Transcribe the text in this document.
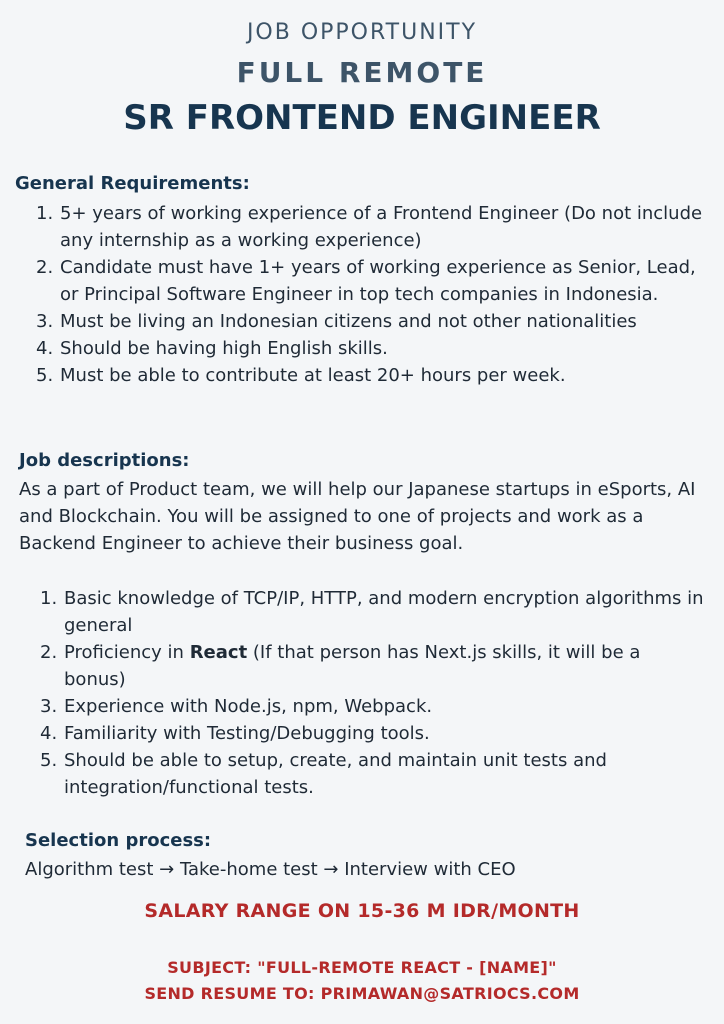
JOB OPPORTUNITY
FULL REMOTE
SR FRONTEND ENGINEER
General Requirements:
1. 5+ years of working experience of a Frontend Engineer (Do not include any internship as a working experience)
2. Candidate must have 1+ years of working experience as Senior, Lead, or Principal Software Engineer in top tech companies in Indonesia.
3. Must be living an Indonesian citizens and not other nationalities
4. Should be having high English skills.
5. Must be able to contribute at least 20+ hours per week.
Job descriptions:

As a part of Product team, we will help our Japanese startups in eSports, AI and Blockchain. You will be assigned to one of projects and work as a Backend Engineer to achieve their business goal.

1. Basic knowledge of TCP/IP, HTTP, and modern encryption algorithms in general
2. Proficiency in React (If that person has Next.js skills, it will be a bonus)
3. Experience with Node.js, npm, Webpack.
4. Familiarity with Testing/Debugging tools.
5. Should be able to setup, create, and maintain unit tests and integration/functional tests.
Selection process:

Algorithm test → Take-home test → Interview with CEO

SALARY RANGE ON 15-36 M IDR/MONTH
SUBJECT: "FULL-REMOTE REACT - [NAME]"
SEND RESUME TO: PRIMAWAN@SATRIOCS.COM
